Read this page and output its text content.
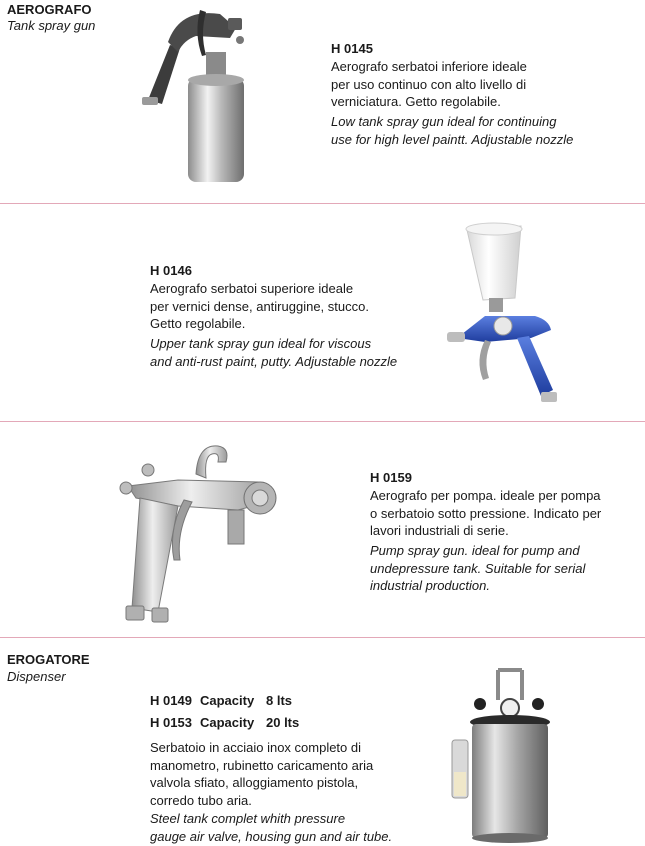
AEROGRAFO
Tank spray gun
H 0145
Aerografo serbatoi inferiore ideale
per uso continuo con alto livello di
verniciatura. Getto regolabile.
Low tank spray gun ideal for continuing
use for high level paintt. Adjustable nozzle
H 0146
Aerografo serbatoi superiore ideale
per vernici dense, antiruggine, stucco.
Getto regolabile.
Upper tank spray gun ideal for viscous
and anti-rust paint, putty. Adjustable nozzle
H 0159
Aerografo per pompa. ideale per pompa
o serbatoio sotto pressione. Indicato per
lavori industriali di serie.
Pump spray gun. ideal for pump and
undepressure tank. Suitable for serial
industrial production.
EROGATORE
Dispenser
H 0149 Capacity 8 lts
H 0153 Capacity 20 lts
Serbatoio in acciaio inox completo di
manometro, rubinetto caricamento aria
valvola sfiato, alloggiamento pistola,
corredo tubo aria.
Steel tank complet whith pressure
gauge air valve, housing gun and air tube.
